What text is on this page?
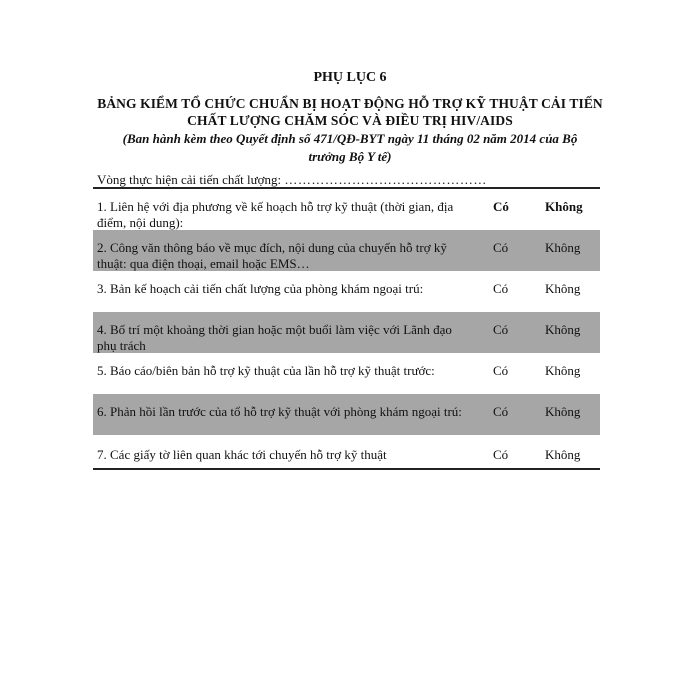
PHỤ LỤC 6
BẢNG KIỂM TỔ CHỨC CHUẨN BỊ HOẠT ĐỘNG HỖ TRỢ KỸ THUẬT CẢI TIẾN
CHẤT LƯỢNG CHĂM SÓC VÀ ĐIỀU TRỊ HIV/AIDS
(Ban hành kèm theo Quyết định số 471/QĐ-BYT ngày 11 tháng 02 năm 2014 của Bộ
trưởng Bộ Y tế)
Vòng thực hiện cải tiến chất lượng: ………………………………………
1. Liên hệ với địa phương về kế hoạch hỗ trợ kỹ thuật (thời gian, địa điểm, nội dung):
Có	Không
2. Công văn thông báo về mục đích, nội dung của chuyến hỗ trợ kỹ thuật: qua điện thoại, email hoặc EMS…
Có	Không
3. Bản kế hoạch cải tiến chất lượng của phòng khám ngoại trú:	Có	Không
4. Bố trí một khoảng thời gian hoặc một buổi làm việc với Lãnh đạo phụ trách
Có	Không
5. Báo cáo/biên bản hỗ trợ kỹ thuật của lần hỗ trợ kỹ thuật trước:	Có	Không
6. Phản hồi lần trước của tổ hỗ trợ kỹ thuật với phòng khám ngoại trú:	Có	Không
7. Các giấy tờ liên quan khác tới chuyến hỗ trợ kỹ thuật	Có	Không
